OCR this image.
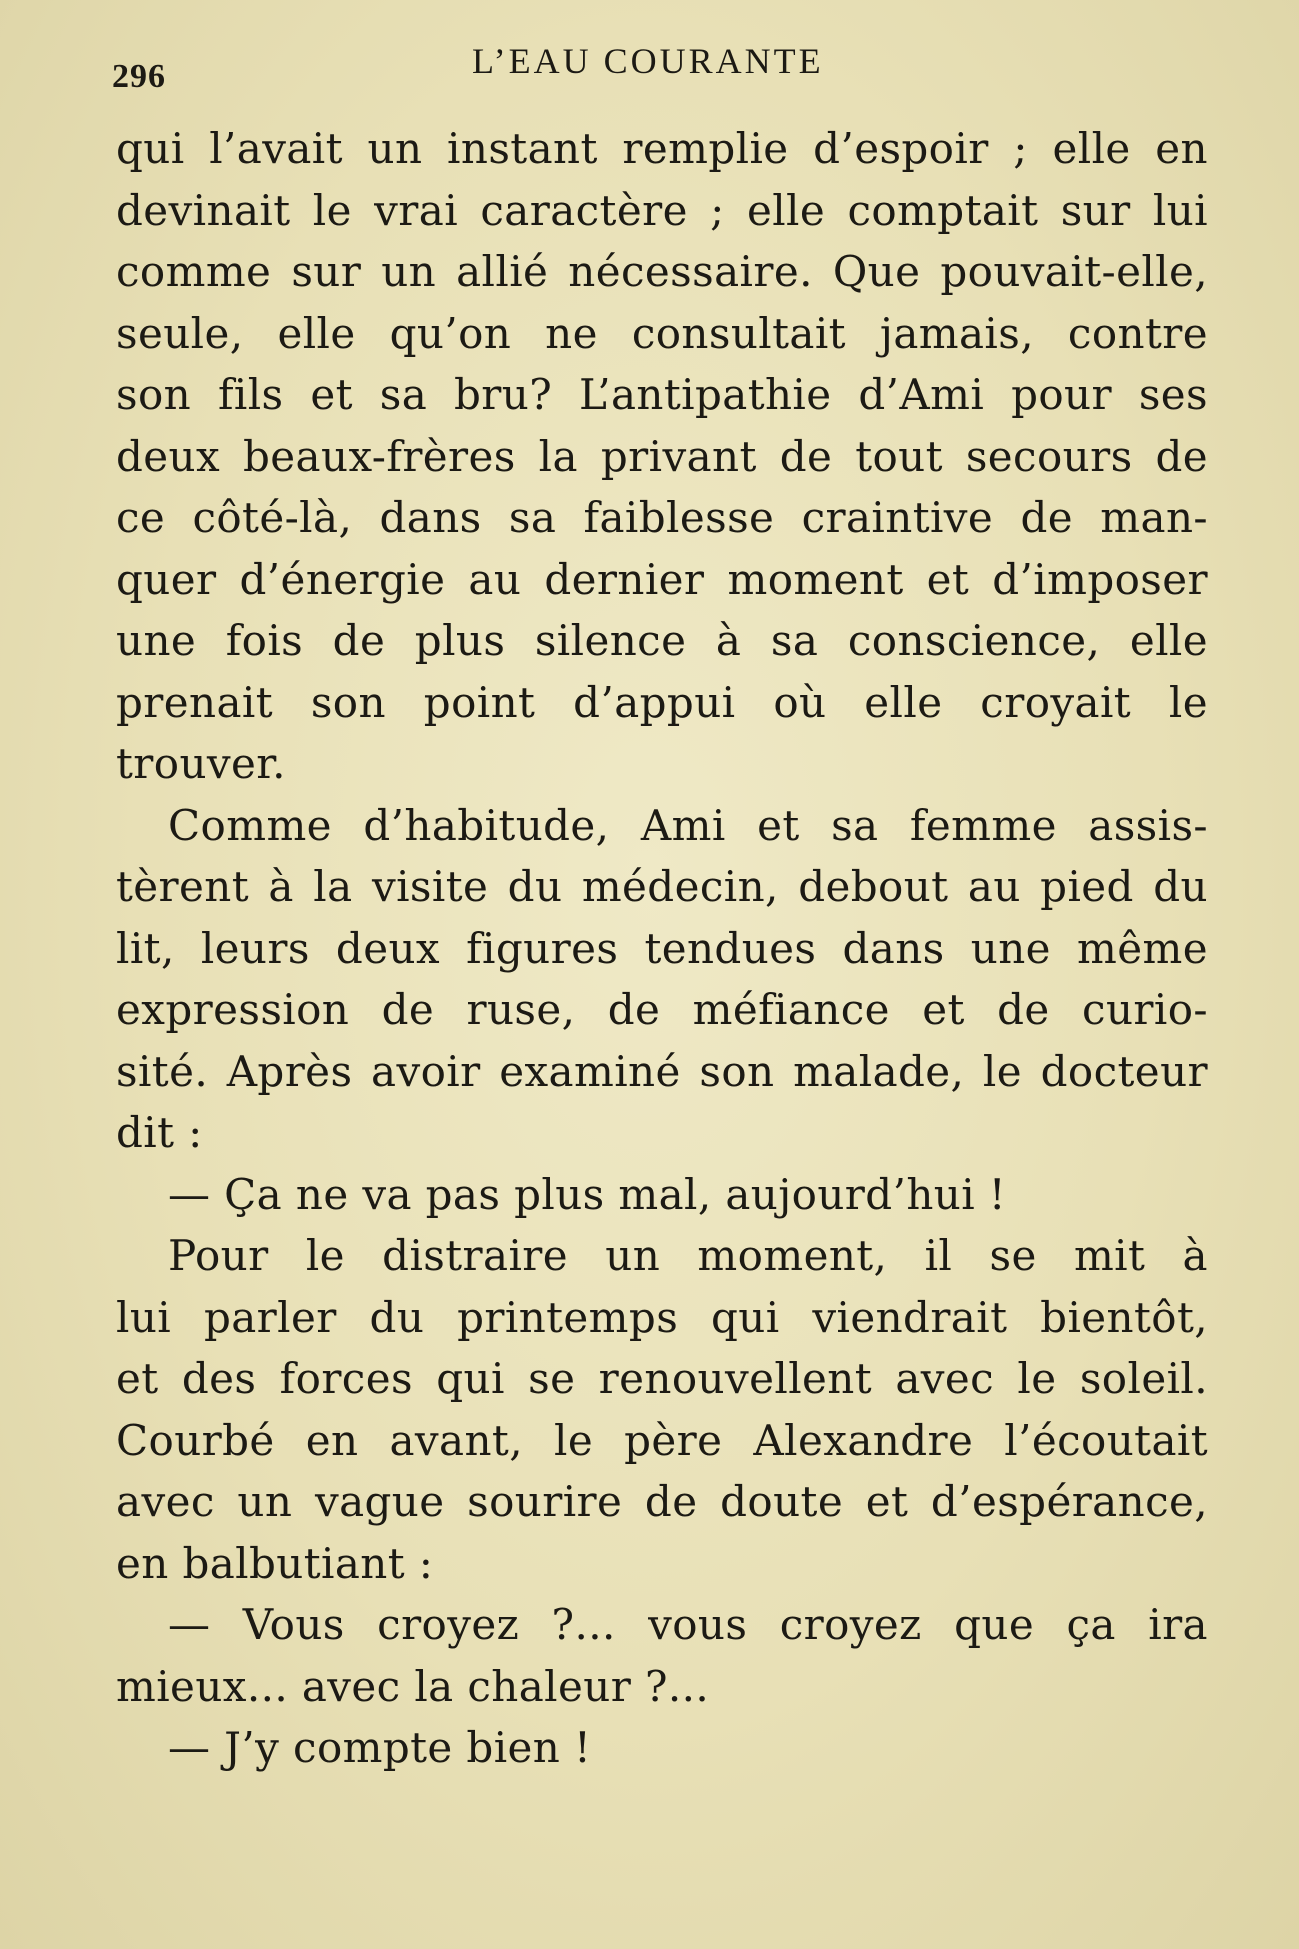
296	L’EAU COURANTE
qui l’avait un instant remplie d’espoir ; elle en
devinait le vrai caractère ; elle comptait sur lui
comme sur un allié nécessaire. Que pouvait-elle,
seule, elle qu’on ne consultait jamais, contre
son fils et sa bru? L’antipathie d’Ami pour ses
deux beaux-frères la privant de tout secours de
ce côté-là, dans sa faiblesse craintive de man-
quer d’énergie au dernier moment et d’imposer
une fois de plus silence à sa conscience, elle
prenait son point d’appui où elle croyait le
trouver.
Comme d’habitude, Ami et sa femme assis-
tèrent à la visite du médecin, debout au pied du
lit, leurs deux figures tendues dans une même
expression de ruse, de méfiance et de curio-
sité. Après avoir examiné son malade, le docteur
dit :
— Ça ne va pas plus mal, aujourd’hui !
Pour le distraire un moment, il se mit à
lui parler du printemps qui viendrait bientôt,
et des forces qui se renouvellent avec le soleil.
Courbé en avant, le père Alexandre l’écoutait
avec un vague sourire de doute et d’espérance,
en balbutiant :
— Vous croyez ?... vous croyez que ça ira
mieux... avec la chaleur ?...
— J’y compte bien !
